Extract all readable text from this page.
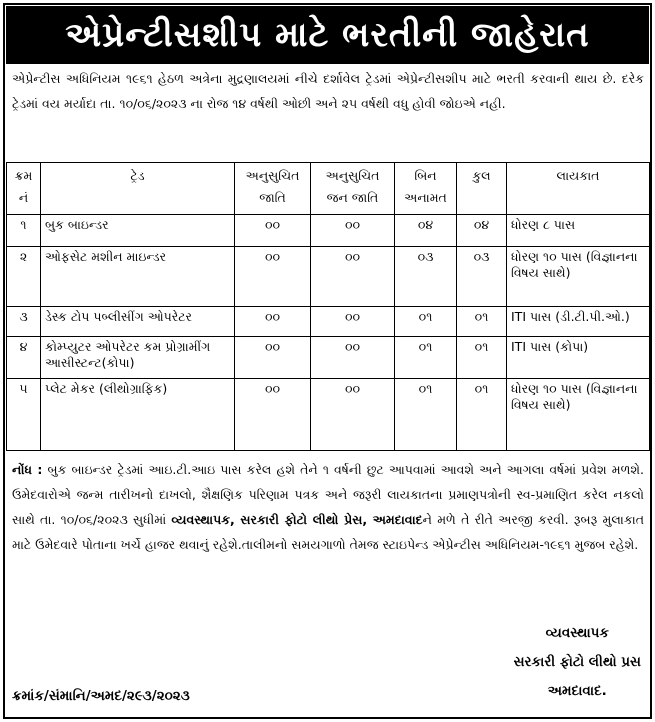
એપ્રેન્ટીસશીપ માટે ભરતીની જાહેરાત
એપ્રેન્ટીસ અધિનિયમ ૧૯૬૧ હેઠળ અત્રેના મુદ્રણાલયમાં નીચે દર્શાવેલ ટ્રેડમાં એપ્રેન્ટીસશીપ માટે ભરતી કરવાની થાય છે. દરેક ટ્રેડમાં વય મર્યાદા તા. ૧૦/૦૬/૨૦૨૩ ના રોજ ૧૪ વર્ષથી ઓછી અને ૨૫ વર્ષથી વધુ હોવી જોઇએ નહી.
ક્રમ નં	ટ્રેડ	અનુસુચિત જાતિ	અનુસુચિત જન જાતિ	બિન અનામત	કુલ	લાયકાત
૧	બુક બાઇન્ડર	૦૦	૦૦	૦૪	૦૪	ધોરણ ૮ પાસ
૨	ઓફસેટ મશીન માઇન્ડર	૦૦	૦૦	૦૩	૦૩	ધોરણ ૧૦ પાસ (વિજ્ઞાનના વિષય સાથે)
૩	ડેસ્ક ટોપ પબ્લીસીંગ ઓપરેટર	૦૦	૦૦	૦૧	૦૧	ITI પાસ (ડી.ટી.પી.ઓ.)
૪	કોમ્પ્યુટર ઓપરેટર કમ પ્રોગ્રામીંગ આસીસ્ટન્ટ(કોપા)	૦૦	૦૦	૦૧	૦૧	ITI પાસ (કોપા)
૫	પ્લેટ મેકર (લીથોગ્રાફિક)	૦૦	૦૦	૦૧	૦૧	ધોરણ ૧૦ પાસ (વિજ્ઞાનના વિષય સાથે)
નોંધ : બુક બાઇન્ડર ટ્રેડમાં આઇ.ટી.આઇ પાસ કરેલ હશે તેને ૧ વર્ષની છુટ આપવામાં આવશે અને આગલા વર્ષમાં પ્રવેશ મળશે. ઉમેદવારોએ જન્મ તારીખનો દાખલો, શૈક્ષણિક પરિણામ પત્રક અને જરૂરી લાયકાતના પ્રમાણપત્રોની સ્વ-પ્રમાણિત કરેલ નકલો સાથે તા. ૧૦/૦૬/૨૦૨૩ સુધીમાં વ્યવસ્થાપક, સરકારી ફોટો લીથો પ્રેસ, અમદાવાદને મળે તે રીતે અરજી કરવી. રૂબરૂ મુલાકાત માટે ઉમેદવારે પોતાના ખર્ચે હાજર થવાનું રહેશે.તાલીમનો સમયગાળો તેમજ સ્ટાઇપેન્ડ એપ્રેન્ટીસ અધિનિયમ-૧૯૬૧ મુજબ રહેશે.
વ્યવસ્થાપક
સરકારી ફોટો લીથો પ્રસ
અમદાવાદ.
ક્રમાંક/સંમાનિ/અમદ/૨૯૩/૨૦૨૩
